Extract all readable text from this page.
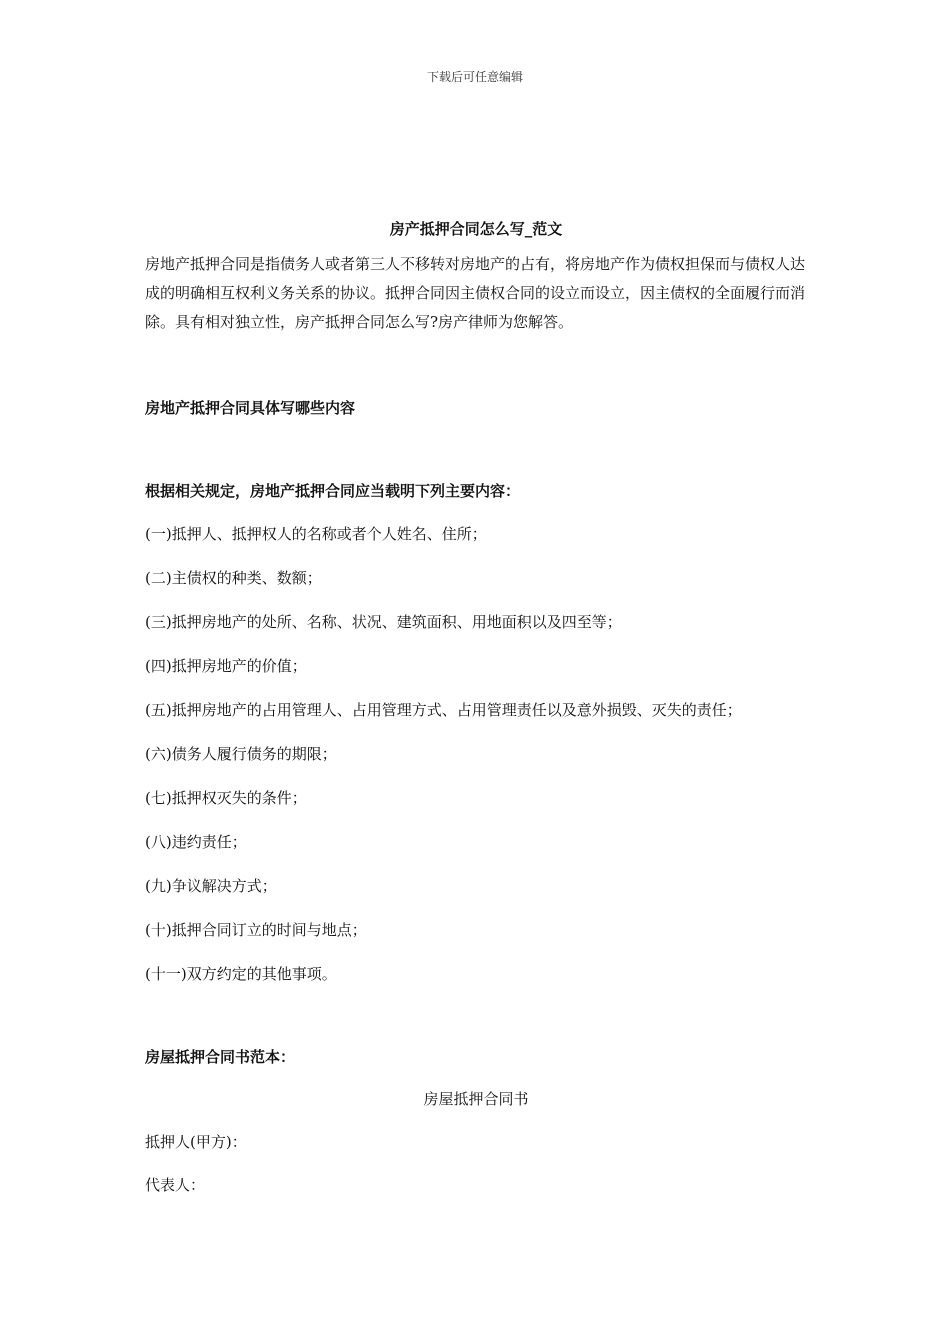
下载后可任意编辑

房产抵押合同怎么写_范文

房地产抵押合同是指债务人或者第三人不移转对房地产的占有，将房地产作为债权担保而与债权人达成的明确相互权利义务关系的协议。抵押合同因主债权合同的设立而设立，因主债权的全面履行而消除。具有相对独立性，房产抵押合同怎么写?房产律师为您解答。

房地产抵押合同具体写哪些内容

根据相关规定，房地产抵押合同应当载明下列主要内容：

(一)抵押人、抵押权人的名称或者个人姓名、住所；
(二)主债权的种类、数额；
(三)抵押房地产的处所、名称、状况、建筑面积、用地面积以及四至等；
(四)抵押房地产的价值；
(五)抵押房地产的占用管理人、占用管理方式、占用管理责任以及意外损毁、灭失的责任；
(六)债务人履行债务的期限；
(七)抵押权灭失的条件；
(八)违约责任；
(九)争议解决方式；
(十)抵押合同订立的时间与地点；
(十一)双方约定的其他事项。

房屋抵押合同书范本：

房屋抵押合同书

抵押人(甲方)：

代表人：
